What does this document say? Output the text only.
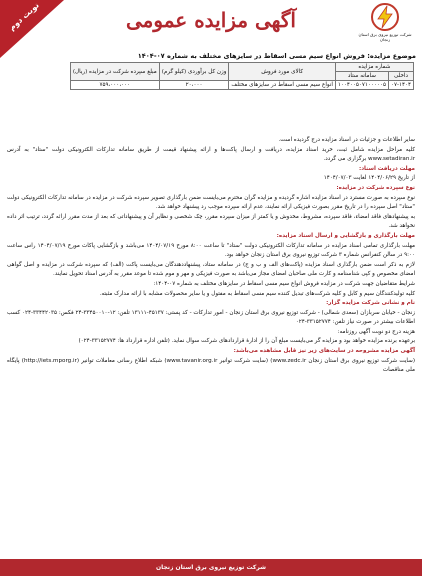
نوبت دوم	آگهی مزایده عمومی
شرکت توزیع نیروی برق استان زنجان
موضوع مزایده: فروش انواع سیم مسی اسقاط در سایزهای مختلف به شماره ۰۷-۱۴۰۴
شماره مزایده		کالای مورد فروش	وزن کل برآوردی (کیلو گرم)	مبلغ سپرده شرکت در مزایده (ریال)
داخلی	سامانه ستاد			
۰۷-۱۴۰۴	۱۰۰۴۰۰۵۰۷۱۰۰۰۰۰۵	انواع سیم مسی اسقاط در سایزهای مختلف	۲۰،۰۰۰	۷۵۹،۰۰۰،۰۰۰

سایر اطلاعات و جزئیات در اسناد مزایده درج گردیده است.

کلیه مراحل مزایده شامل ثبت، خرید اسناد مزایده، دریافت و ارسال پاکت‌ها و ارائه پیشنهاد قیمت از طریق سامانه تدارکات الکترونیکی دولت "ستاد" به آدرس www.setadiran.ir برگزاری می گردد.

مهلت دریافت اسناد:

از تاریخ ۱۴۰۴/۰۶/۲۹ لغایت ۱۴۰۴/۰۷/۰۳

نوع سپرده شرکت در مزایده:

نوع سپرده به صورت مسترد در اسناد مزایده اشاره گردیده و مزایده گران محترم می‌بایست ضمن بارگذاری تصویر سپرده شرکت در مزایده در سامانه تدارکات الکترونیکی دولت "ستاد" اصل سپرده را در تاریخ مقرر بصورت فیزیکی ارائه نمایند، عدم ارائه سپرده موجب رد پیشنهاد خواهد شد.

به پیشنهادهای فاقد امضاء، فاقد سپرده، مشروط، مخدوش و یا کمتر از میزان سپرده مقرر، چک شخصی و نظایر آن و پیشنهاداتی که بعد از مدت مقرر ارائه گردد، ترتیب اثر داده نخواهد شد.

مهلت بارگذاری و بازگشایی و ارسال اسناد مزایده:

مهلت بارگذاری تمامی اسناد مزایده در سامانه تدارکات الکترونیکی دولت "ستاد" تا ساعت ۸:۰۰ مورخ ۱۴۰۴/۰۷/۱۹ می‌باشد و بازگشایی پاکات مورخ ۱۴۰۴/۰۷/۱۹ راس ساعت ۹:۰۰ در سالن کنفرانس شماره ۳ شرکت توزیع نیروی برق استان زنجان خواهد بود.

لازم به ذکر است ضمن بارگذاری اسناد مزایده (پاکت‌های الف و ب و ج) در سامانه ستاد، پیشنهاددهندگان می‌بایست پاکت (الف) که سپرده شرکت در مزایده و اصل گواهی امضای مخصوص و کپی شناسنامه و کارت ملی صاحبان امضای مجاز می‌باشد به صورت فیزیکی و مهر و موم شده تا موعد مقرر به آدرس اسناد تحویل نمایند.

شرایط متقاضیان جهت شرکت در مزایده فروش انواع سیم مسی اسقاط در سایزهای مختلف به شماره ۰۷-۱۴۰۴:

کلیه تولیدکنندگان سیم و کابل و کلیه شرکت‌های تبدیل کننده سیم مسی اسقاط به مفتول و یا سایر محصولات مشابه با ارائه مدارک مثبته.

نام و نشانی شرکت مزایده گزار:

زنجان - خیابان سربازان (سعدی شمالی) - شرکت توزیع نیروی برق استان زنجان - امور تدارکات - کد پستی: ۴۵۱۳۷-۱۳۱۱۱ تلفن: ۱۲-۳۳۴۵۰۰۱۰-۲۴ فکس: ۳۳۴۴۲۰۳۵-۰۲۴ کسب اطلاعات بیشتر در صورت نیاز تلفن: ۳۳۱۵۲۷۷۴-۰۲۴

هزینه درج دو نوبت آگهی روزنامه:

برعهده برنده مزایده خواهد بود و مزایده گر می‌بایست مبلغ آن را از ادارهٔ قراردادهای شرکت سوال نماید. (تلفن اداره قرارداد ها: ۳۳۱۵۲۷۷۴-۰۲۴)

آگهی مزایده مشروحه در سایت‌های زیر نیز قابل مشاهده می‌باشد:

(سایت شرکت توزیع نیروی برق استان زنجان www.zedc.ir) (سایت شرکت توانیر www.tavanir.org.ir) شبکه اطلاع رسانی معاملات توانیر (http://iets.mporg.ir) پایگاه ملی مناقصات

شرکت توزیع نیروی برق استان زنجان
